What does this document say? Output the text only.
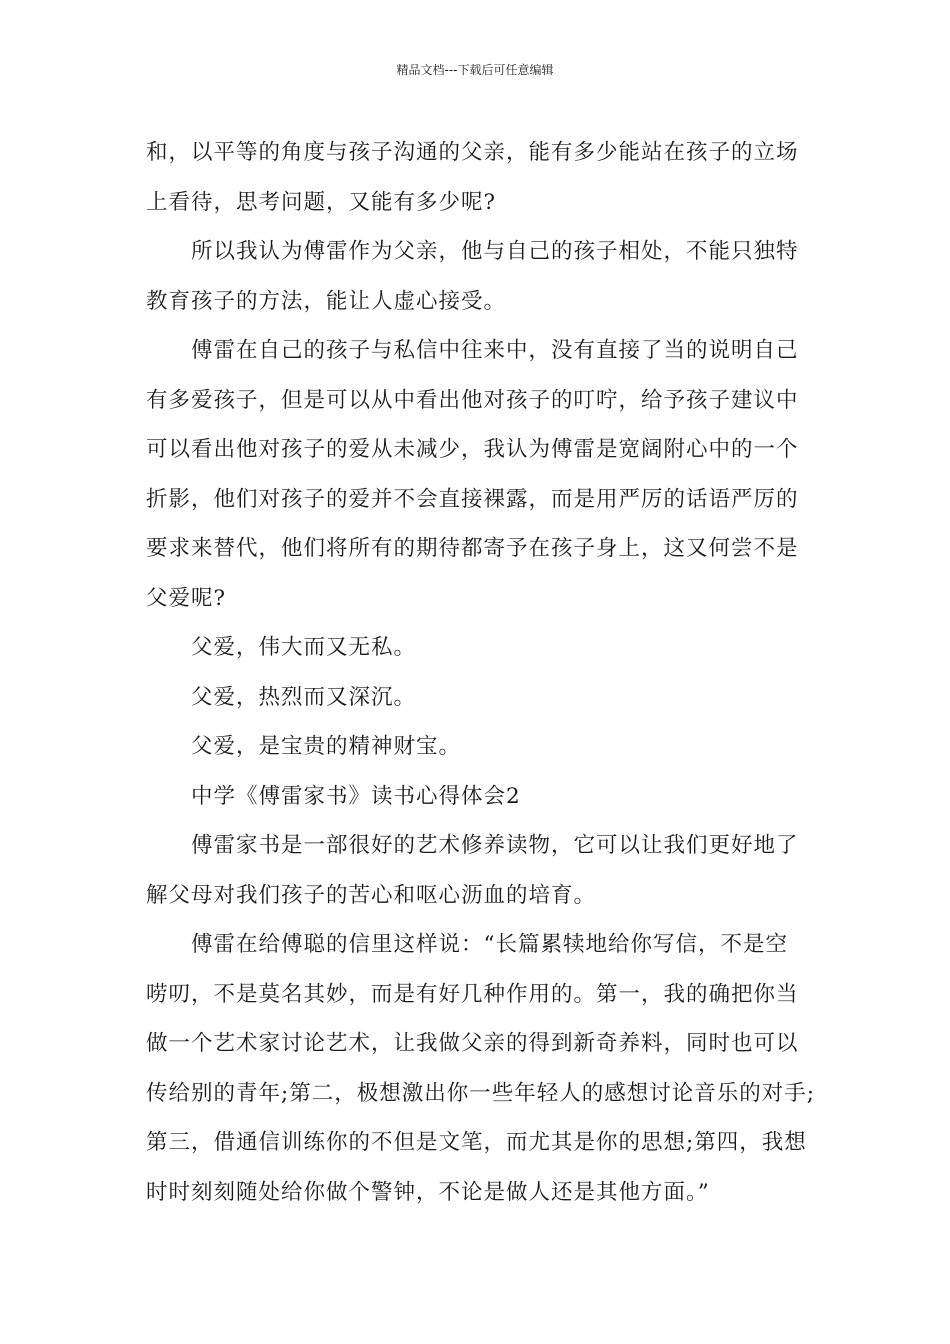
精品文档---下载后可任意编辑
和，以平等的角度与孩子沟通的父亲，能有多少能站在孩子的立场
上看待，思考问题，又能有多少呢?
所以我认为傅雷作为父亲，他与自己的孩子相处，不能只独特
教育孩子的方法，能让人虚心接受。
傅雷在自己的孩子与私信中往来中，没有直接了当的说明自己
有多爱孩子，但是可以从中看出他对孩子的叮咛，给予孩子建议中
可以看出他对孩子的爱从未减少，我认为傅雷是宽阔附心中的一个
折影，他们对孩子的爱并不会直接裸露，而是用严厉的话语严厉的
要求来替代，他们将所有的期待都寄予在孩子身上，这又何尝不是
父爱呢?
父爱，伟大而又无私。
父爱，热烈而又深沉。
父爱，是宝贵的精神财宝。
中学《傅雷家书》读书心得体会2
傅雷家书是一部很好的艺术修养读物，它可以让我们更好地了
解父母对我们孩子的苦心和呕心沥血的培育。
傅雷在给傅聪的信里这样说：“长篇累犊地给你写信，不是空
唠叨，不是莫名其妙，而是有好几种作用的。第一，我的确把你当
做一个艺术家讨论艺术，让我做父亲的得到新奇养料，同时也可以
传给别的青年;第二，极想激出你一些年轻人的感想讨论音乐的对手;
第三，借通信训练你的不但是文笔，而尤其是你的思想;第四，我想
时时刻刻随处给你做个警钟，不论是做人还是其他方面。”
